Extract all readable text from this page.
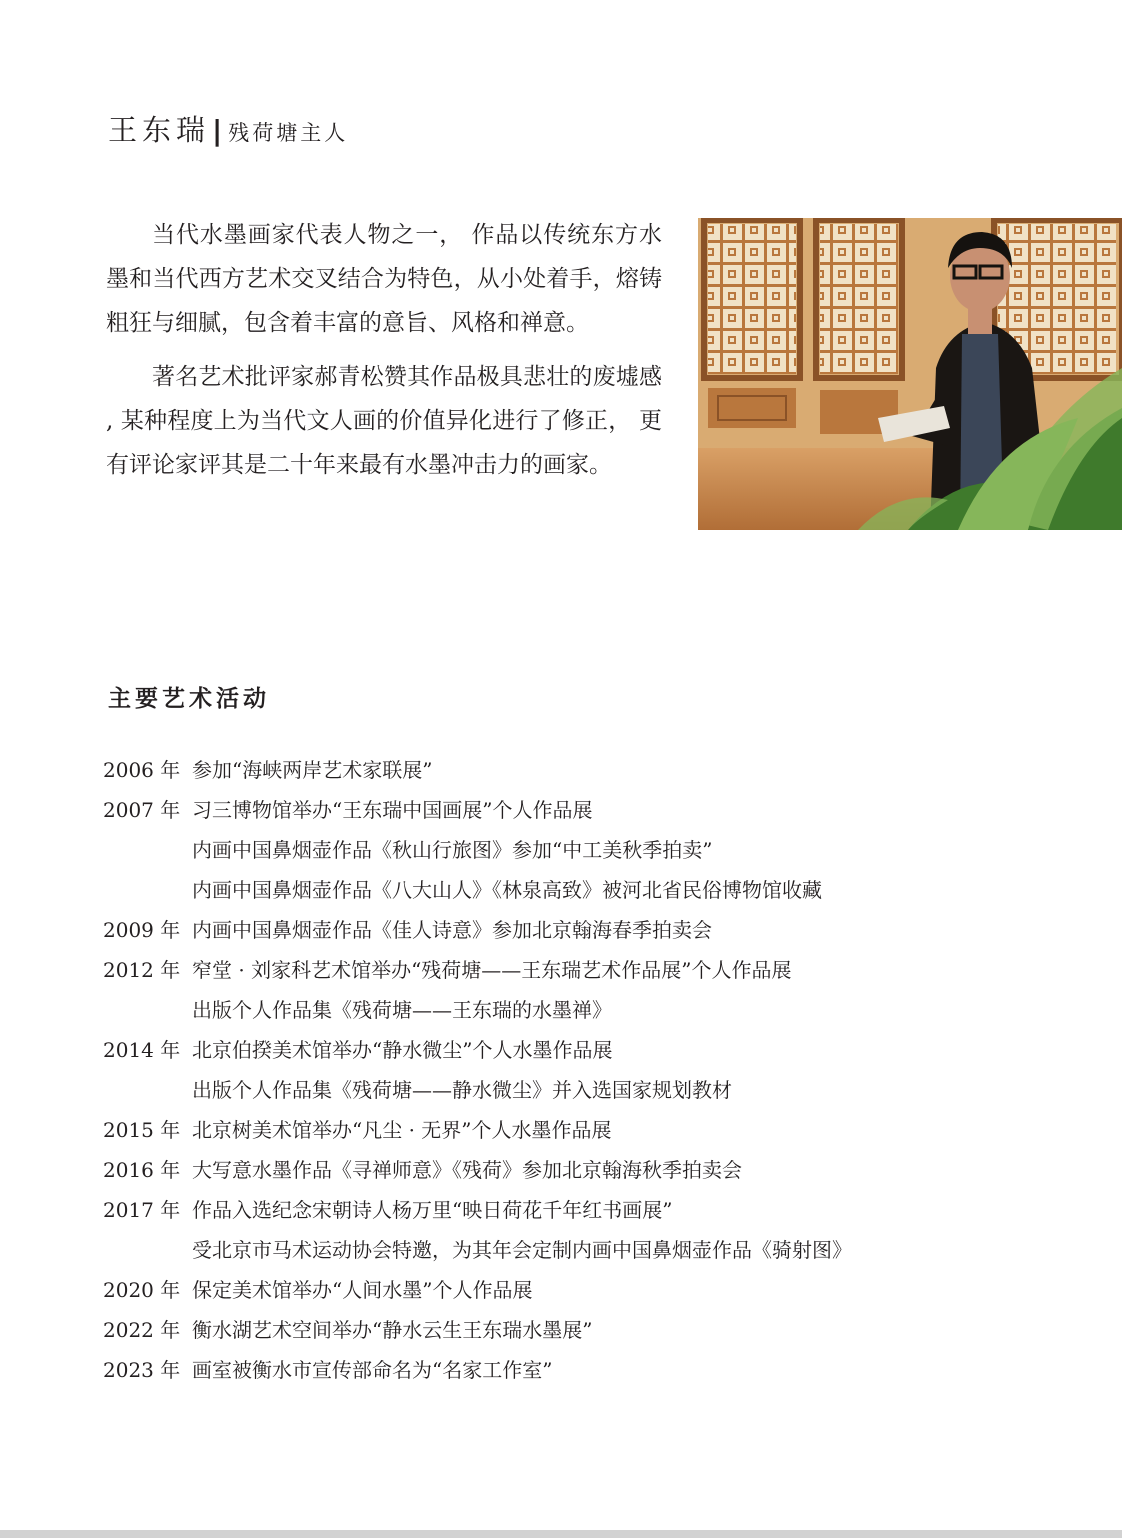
王东瑞 | 残荷塘主人

当代水墨画家代表人物之一， 作品以传统东方水墨和当代西方艺术交叉结合为特色，从小处着手，熔铸粗狂与细腻，包含着丰富的意旨、风格和禅意。

著名艺术批评家郝青松赞其作品极具悲壮的废墟感 , 某种程度上为当代文人画的价值异化进行了修正， 更有评论家评其是二十年来最有水墨冲击力的画家。

主要艺术活动
2006 年 参加“海峡两岸艺术家联展”
2007 年 习三博物馆举办“王东瑞中国画展”个人作品展
内画中国鼻烟壶作品《秋山行旅图》参加“中工美秋季拍卖”
内画中国鼻烟壶作品《八大山人》《林泉高致》被河北省民俗博物馆收藏
2009 年 内画中国鼻烟壶作品《佳人诗意》参加北京翰海春季拍卖会
2012 年 窄堂 · 刘家科艺术馆举办“残荷塘——王东瑞艺术作品展”个人作品展
出版个人作品集《残荷塘——王东瑞的水墨禅》
2014 年 北京伯揆美术馆举办“静水微尘”个人水墨作品展
出版个人作品集《残荷塘——静水微尘》并入选国家规划教材
2015 年 北京树美术馆举办“凡尘 · 无界”个人水墨作品展
2016 年 大写意水墨作品《寻禅师意》《残荷》参加北京翰海秋季拍卖会
2017 年 作品入选纪念宋朝诗人杨万里“映日荷花千年红书画展”
受北京市马术运动协会特邀，为其年会定制内画中国鼻烟壶作品《骑射图》
2020 年 保定美术馆举办“人间水墨”个人作品展
2022 年 衡水湖艺术空间举办“静水云生王东瑞水墨展”
2023 年 画室被衡水市宣传部命名为“名家工作室”
